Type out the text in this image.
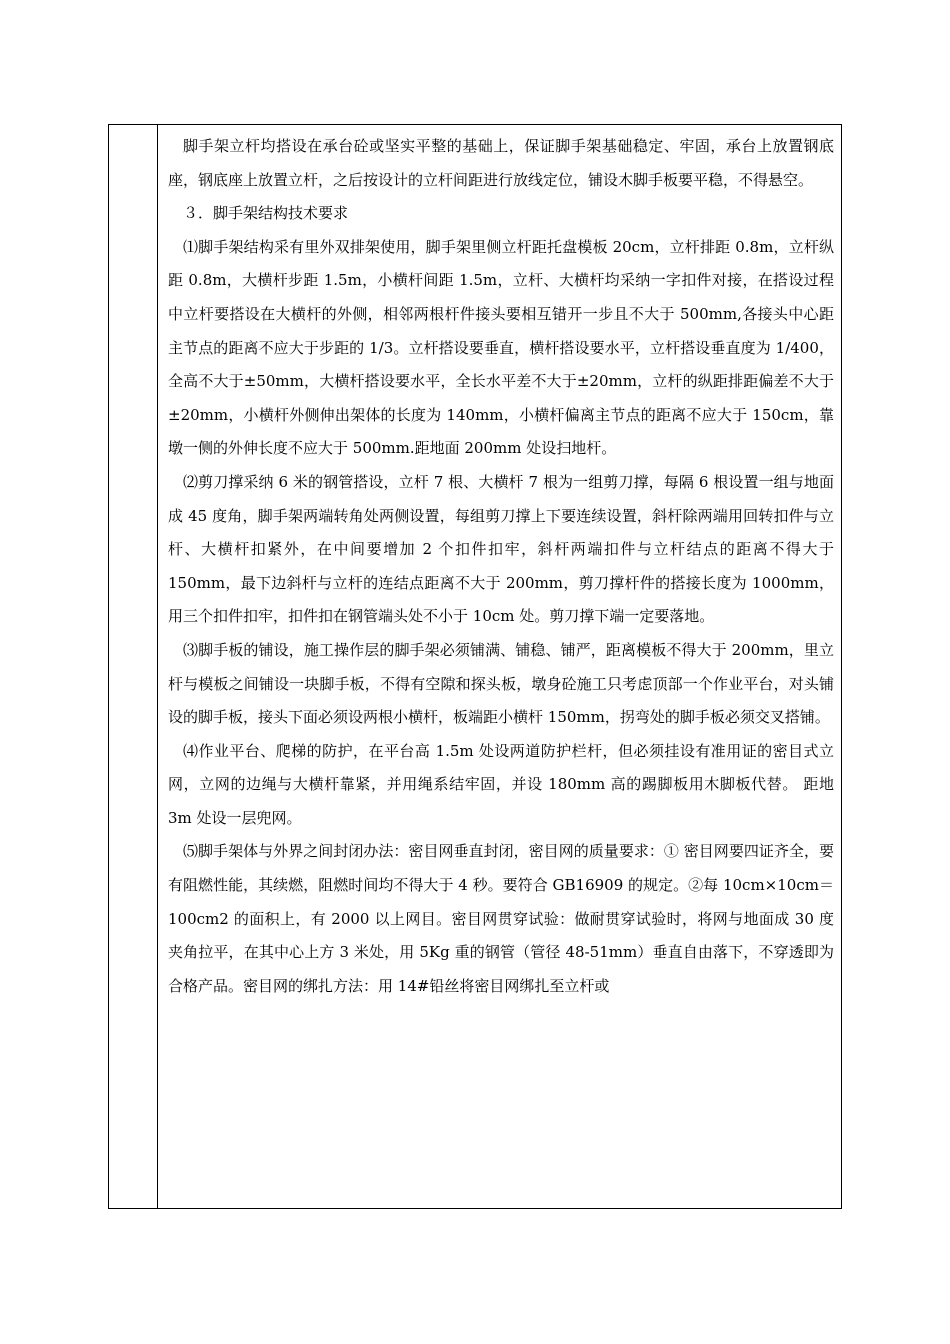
脚手架立杆均搭设在承台砼或坚实平整的基础上，保证脚手架基础稳定、牢固，承台上放置钢底座，钢底座上放置立杆，之后按设计的立杆间距进行放线定位，铺设木脚手板要平稳，不得悬空。

３．脚手架结构技术要求

⑴脚手架结构采有里外双排架使用，脚手架里侧立杆距托盘模板 20cm，立杆排距 0.8m，立杆纵距 0.8m，大横杆步距 1.5m，小横杆间距 1.5m，立杆、大横杆均采纳一字扣件对接，在搭设过程中立杆要搭设在大横杆的外侧，相邻两根杆件接头要相互错开一步且不大于 500mm,各接头中心距主节点的距离不应大于步距的 1/3。立杆搭设要垂直，横杆搭设要水平，立杆搭设垂直度为 1/400，全高不大于±50mm，大横杆搭设要水平，全长水平差不大于±20mm，立杆的纵距排距偏差不大于±20mm，小横杆外侧伸出架体的长度为 140mm，小横杆偏离主节点的距离不应大于 150cm，靠墩一侧的外伸长度不应大于 500mm.距地面 200mm 处设扫地杆。

⑵剪刀撑采纳 6 米的钢管搭设，立杆 7 根、大横杆 7 根为一组剪刀撑，每隔 6 根设置一组与地面成 45 度角，脚手架两端转角处两侧设置，每组剪刀撑上下要连续设置，斜杆除两端用回转扣件与立杆、大横杆扣紧外，在中间要增加 2 个扣件扣牢，斜杆两端扣件与立杆结点的距离不得大于 150mm，最下边斜杆与立杆的连结点距离不大于 200mm，剪刀撑杆件的搭接长度为 1000mm，用三个扣件扣牢，扣件扣在钢管端头处不小于 10cm 处。剪刀撑下端一定要落地。

⑶脚手板的铺设，施工操作层的脚手架必须铺满、铺稳、铺严，距离模板不得大于 200mm，里立杆与模板之间铺设一块脚手板，不得有空隙和探头板，墩身砼施工只考虑顶部一个作业平台，对头铺设的脚手板，接头下面必须设两根小横杆，板端距小横杆 150mm，拐弯处的脚手板必须交叉搭铺。

⑷作业平台、爬梯的防护，在平台高 1.5m 处设两道防护栏杆，但必须挂设有准用证的密目式立网，立网的边绳与大横杆靠紧，并用绳系结牢固，并设 180mm 高的踢脚板用木脚板代替。 距地 3m 处设一层兜网。

⑸脚手架体与外界之间封闭办法：密目网垂直封闭，密目网的质量要求：① 密目网要四证齐全，要有阻燃性能，其续燃，阻燃时间均不得大于 4 秒。要符合 GB16909 的规定。②每 10cm×10cm＝100cm2 的面积上，有 2000 以上网目。密目网贯穿试验：做耐贯穿试验时，将网与地面成 30 度夹角拉平，在其中心上方 3 米处，用 5Kg 重的钢管（管径 48-51mm）垂直自由落下，不穿透即为合格产品。密目网的绑扎方法：用 14#铅丝将密目网绑扎至立杆或
